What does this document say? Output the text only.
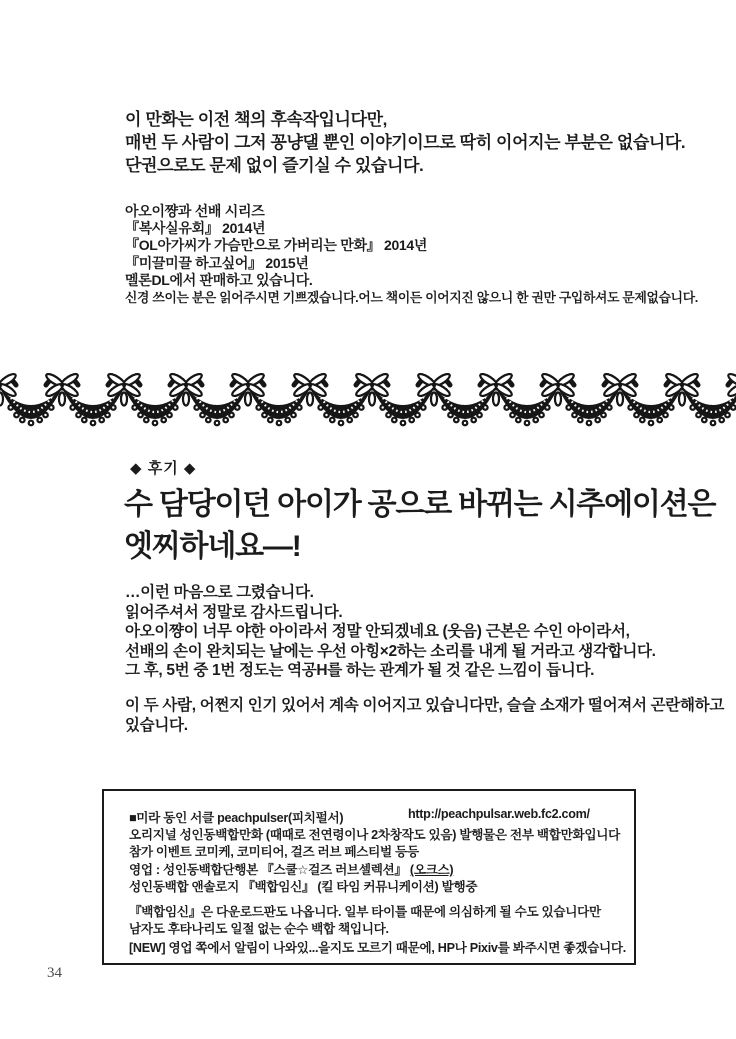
이 만화는 이전 책의 후속작입니다만,
매번 두 사람이 그저 꽁냥댈 뿐인 이야기이므로 딱히 이어지는 부분은 없습니다.
단권으로도 문제 없이 즐기실 수 있습니다.
아오이쨩과 선배 시리즈
『복사실유회』 2014년
『OL아가씨가 가슴만으로 가버리는 만화』 2014년
『미끌미끌 하고싶어』 2015년
멜론DL에서 판매하고 있습니다.
신경 쓰이는 분은 읽어주시면 기쁘겠습니다.어느 책이든 이어지진 않으니 한 권만 구입하셔도 문제없습니다.
◆ 후기 ◆
수 담당이던 아이가 공으로 바뀌는 시추에이션은
엣찌하네요—!
…이런 마음으로 그렸습니다.
읽어주셔서 정말로 감사드립니다.
아오이쨩이 너무 야한 아이라서 정말 안되겠네요 (웃음) 근본은 수인 아이라서,
선배의 손이 완치되는 날에는 우선 아힝×2하는 소리를 내게 될 거라고 생각합니다.
그 후, 5번 중 1번 정도는 역공H를 하는 관계가 될 것 같은 느낌이 듭니다.
이 두 사람, 어쩐지 인기 있어서 계속 이어지고 있습니다만, 슬슬 소재가 떨어져서 곤란해하고
있습니다.
■미라 동인 서클 peachpulser(피치펄서)	http://peachpulsar.web.fc2.com/
오리지널 성인동백합만화 (때때로 전연령이나 2차창작도 있음) 발행물은 전부 백합만화입니다
참가 이벤트 코미케, 코미티어, 걸즈 러브 페스티벌 등등
영업 : 성인동백합단행본 『스쿨☆걸즈 러브셀렉션』 (오크스)
성인동백합 앤솔로지 『백합임신』 (킬 타임 커뮤니케이션) 발행중
『백합임신』은 다운로드판도 나옵니다. 일부 타이틀 때문에 의심하게 될 수도 있습니다만
남자도 후타나리도 일절 없는 순수 백합 책입니다.
[NEW] 영업 쪽에서 알림이 나와있...을지도 모르기 때문에, HP나 Pixiv를 봐주시면 좋겠습니다.
34
